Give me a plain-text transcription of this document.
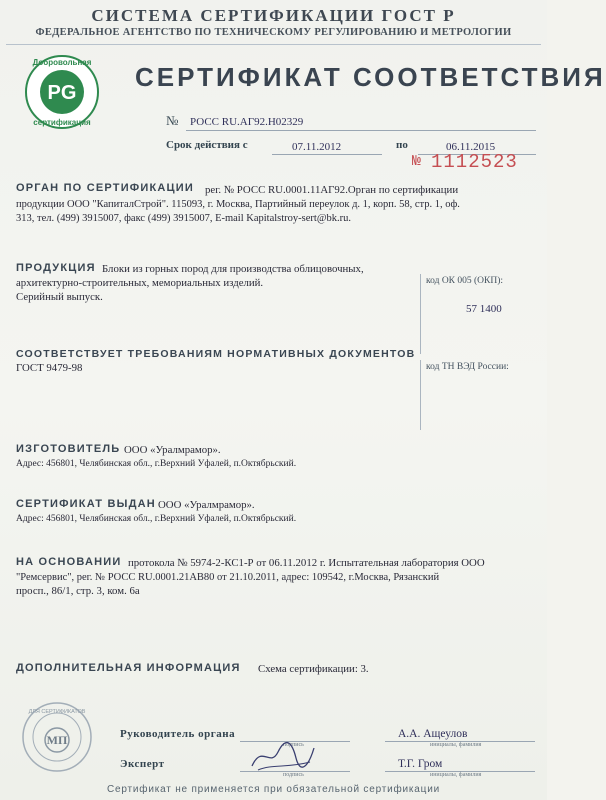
СИСТЕМА СЕРТИФИКАЦИИ ГОСТ Р
ФЕДЕРАЛЬНОЕ АГЕНТСТВО ПО ТЕХНИЧЕСКОМУ РЕГУЛИРОВАНИЮ И МЕТРОЛОГИИ
PG
Добровольная
сертификация
СЕРТИФИКАТ СООТВЕТСТВИЯ
№ РОСС RU.АГ92.Н02329
Срок действия с	07.11.2012	по	06.11.2015
№ 1112523
ОРГАН ПО СЕРТИФИКАЦИИ рег. № РОСС RU.0001.11АГ92.Орган по сертификации
продукции ООО "КапиталСтрой". 115093, г. Москва, Партийный переулок д. 1, корп. 58, стр. 1, оф.
313, тел. (499) 3915007, факс (499) 3915007, E-mail Kapitalstroy-sert@bk.ru.
ПРОДУКЦИЯ Блоки из горных пород для производства облицовочных,
архитектурно-строительных, мемориальных изделий.
Серийный выпуск.
код ОК 005 (ОКП):
57 1400
СООТВЕТСТВУЕТ ТРЕБОВАНИЯМ НОРМАТИВНЫХ ДОКУМЕНТОВ
ГОСТ 9479-98	код ТН ВЭД России:
ИЗГОТОВИТЕЛЬ ООО «Уралмрамор».
Адрес: 456801, Челябинская обл., г.Верхний Уфалей, п.Октябрьский.
СЕРТИФИКАТ ВЫДАН ООО «Уралмрамор».
Адрес: 456801, Челябинская обл., г.Верхний Уфалей, п.Октябрьский.
НА ОСНОВАНИИ протокола № 5974-2-КС1-Р от 06.11.2012 г. Испытательная лаборатория ООО
"Ремсервис", рег. № РОСС RU.0001.21АВ80 от 21.10.2011, адрес: 109542, г.Москва, Рязанский
просп., 86/1, стр. 3, ком. 6а
ДОПОЛНИТЕЛЬНАЯ ИНФОРМАЦИЯ Схема сертификации: 3.
ДЛЯ СЕРТИФИКАТОВ
МП	Руководитель органа
подпись
А.А. Ащеулов
инициалы, фамилия
Эксперт
подпись
Т.Г. Гром
инициалы, фамилия
Сертификат не применяется при обязательной сертификации
